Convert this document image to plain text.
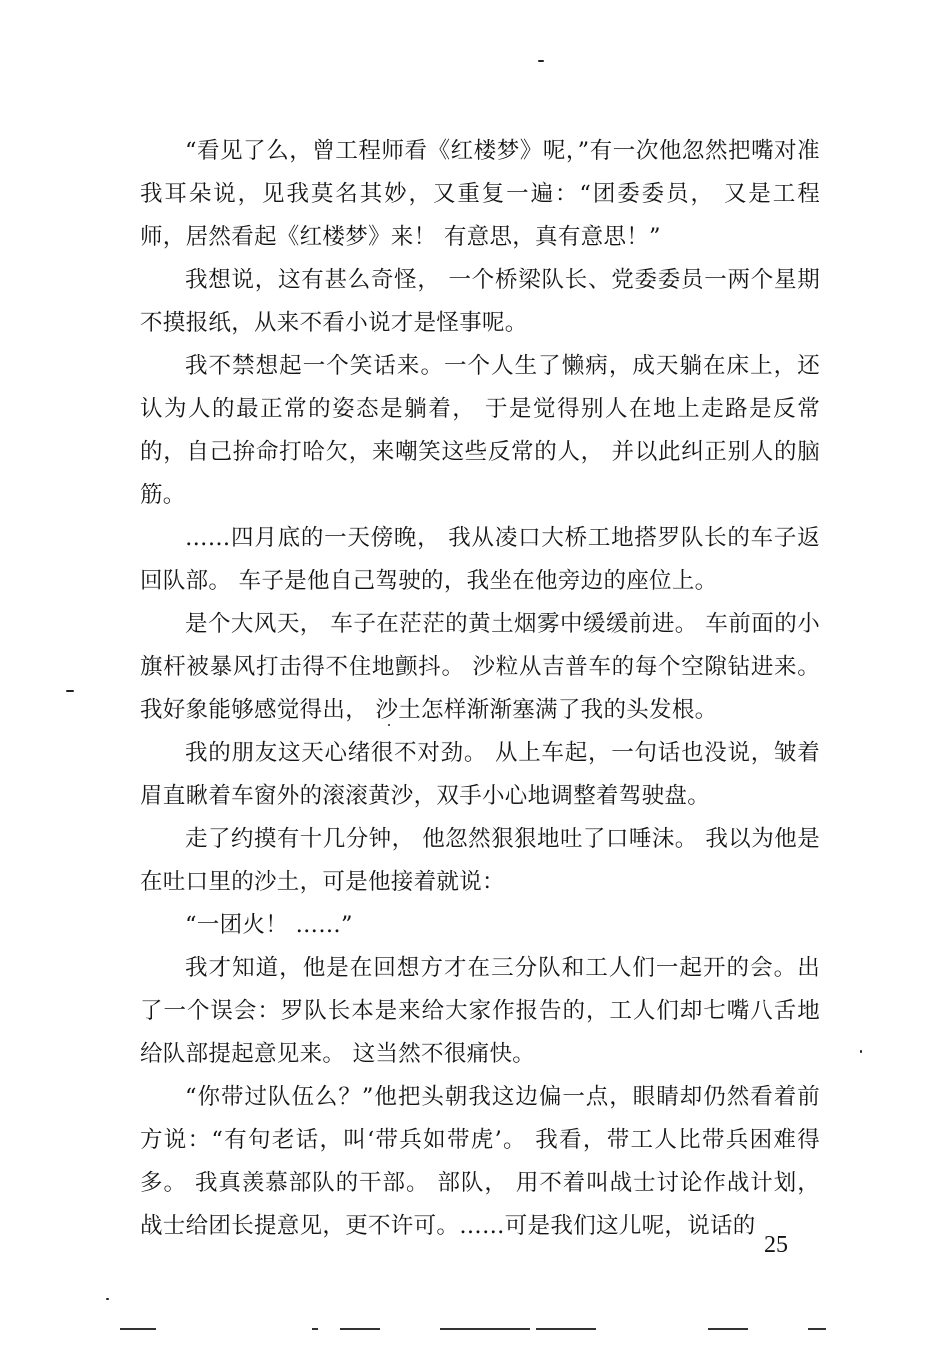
“看见了么，曾工程师看《红楼梦》呢，”有一次他忽然把嘴对准我耳朵说，见我莫名其妙，又重复一遍：“团委委员， 又是工程师，居然看起《红楼梦》来！ 有意思，真有意思！”

我想说，这有甚么奇怪， 一个桥梁队长、党委委员一两个星期不摸报纸，从来不看小说才是怪事呢。

我不禁想起一个笑话来。一个人生了懒病，成天躺在床上，还认为人的最正常的姿态是躺着， 于是觉得别人在地上走路是反常的，自己拚命打哈欠，来嘲笑这些反常的人， 并以此纠正别人的脑筋。

……四月底的一天傍晚， 我从凌口大桥工地搭罗队长的车子返回队部。 车子是他自己驾驶的，我坐在他旁边的座位上。

是个大风天， 车子在茫茫的黄土烟雾中缓缓前进。 车前面的小旗杆被暴风打击得不住地颤抖。 沙粒从吉普车的每个空隙钻进来。 我好象能够感觉得出， 沙土怎样渐渐塞满了我的头发根。

我的朋友这天心绪很不对劲。 从上车起，一句话也没说，皱着眉直瞅着车窗外的滚滚黄沙，双手小心地调整着驾驶盘。

走了约摸有十几分钟， 他忽然狠狠地吐了口唾沫。 我以为他是在吐口里的沙土，可是他接着就说：

“一团火！ ……”

我才知道，他是在回想方才在三分队和工人们一起开的会。出了一个误会：罗队长本是来给大家作报告的，工人们却七嘴八舌地给队部提起意见来。 这当然不很痛快。

“你带过队伍么？”他把头朝我这边偏一点，眼睛却仍然看着前方说：“有句老话，叫‘带兵如带虎’。 我看，带工人比带兵困难得多。 我真羡慕部队的干部。 部队， 用不着叫战士讨论作战计划，战士给团长提意见，更不许可。……可是我们这儿呢，说话的

25
